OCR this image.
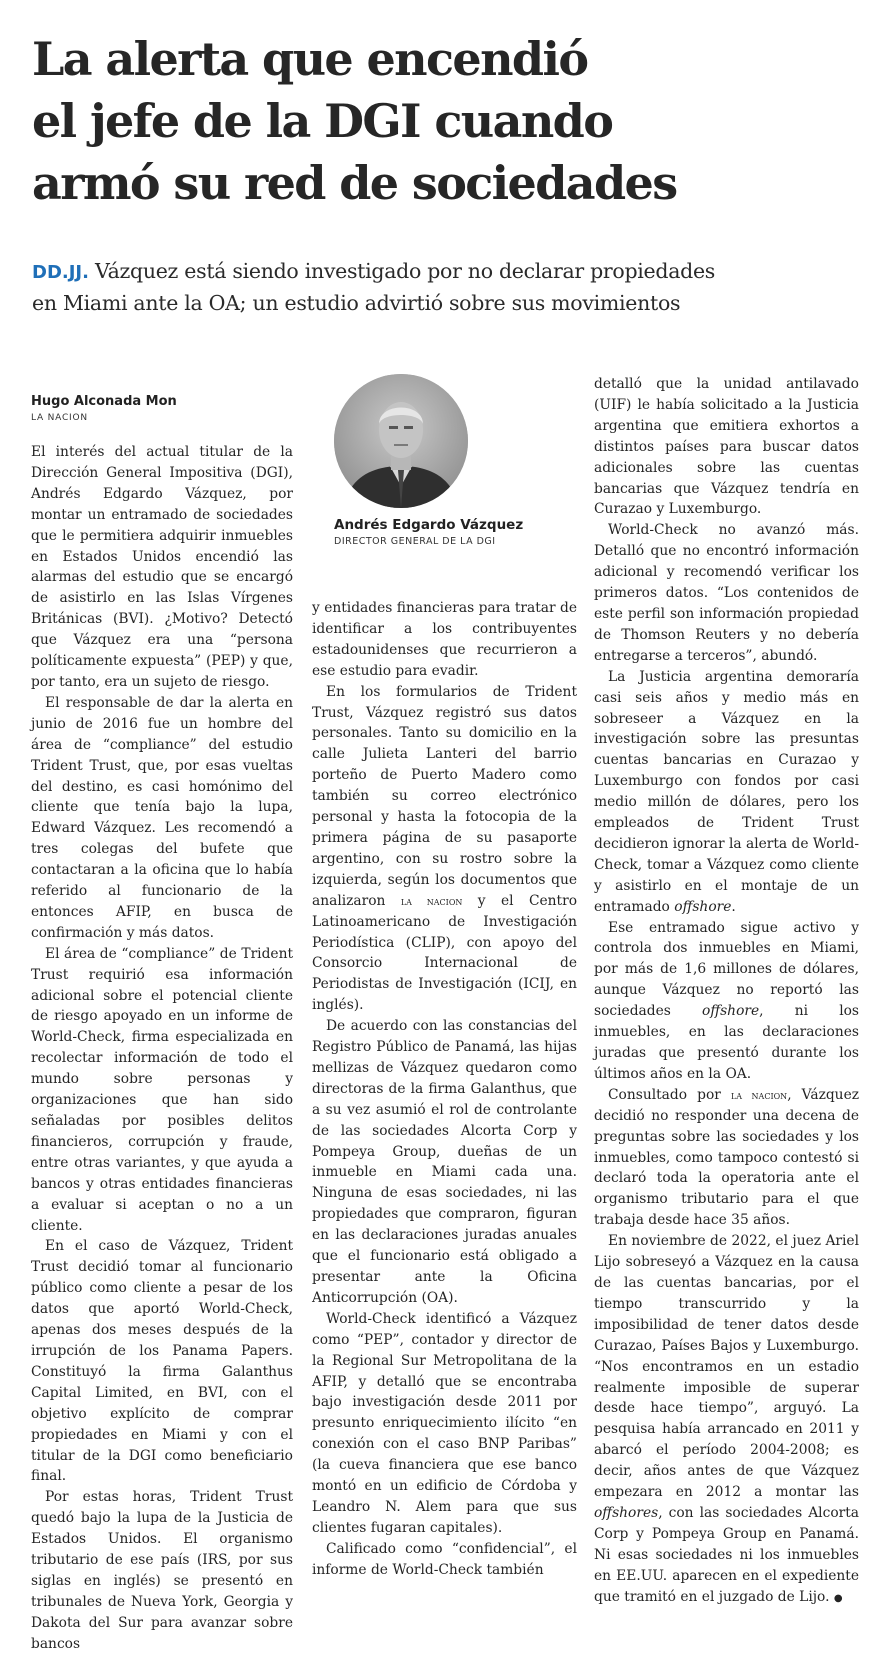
La alerta que encendió
el jefe de la DGI cuando
armó su red de sociedades
DD.JJ. Vázquez está siendo investigado por no declarar propiedades
en Miami ante la OA; un estudio advirtió sobre sus movimientos
Hugo Alconada Mon
LA NACION
Andrés Edgardo Vázquez
DIRECTOR GENERAL DE LA DGI

El interés del actual titular de la Dirección General Impositiva (DGI), Andrés Edgardo Vázquez, por montar un entramado de sociedades que le permitiera adquirir inmuebles en Estados Unidos encendió las alarmas del estudio que se encargó de asistirlo en las Islas Vírgenes Británicas (BVI). ¿Motivo? Detectó que Vázquez era una “persona políticamente expuesta” (PEP) y que, por tanto, era un sujeto de riesgo.

El responsable de dar la alerta en junio de 2016 fue un hombre del área de “compliance” del estudio Trident Trust, que, por esas vueltas del destino, es casi homónimo del cliente que tenía bajo la lupa, Edward Vázquez. Les recomendó a tres colegas del bufete que contactaran a la oficina que lo había referido al funcionario de la entonces AFIP, en busca de confirmación y más datos.

El área de “compliance” de Trident Trust requirió esa información adicional sobre el potencial cliente de riesgo apoyado en un informe de World-Check, firma especializada en recolectar información de todo el mundo sobre personas y organizaciones que han sido señaladas por posibles delitos financieros, corrupción y fraude, entre otras variantes, y que ayuda a bancos y otras entidades financieras a evaluar si aceptan o no a un cliente.

En el caso de Vázquez, Trident Trust decidió tomar al funcionario público como cliente a pesar de los datos que aportó World-Check, apenas dos meses después de la irrupción de los Panama Papers. Constituyó la firma Galanthus Capital Limited, en BVI, con el objetivo explícito de comprar propiedades en Miami y con el titular de la DGI como beneficiario final.

Por estas horas, Trident Trust quedó bajo la lupa de la Justicia de Estados Unidos. El organismo tributario de ese país (IRS, por sus siglas en inglés) se presentó en tribunales de Nueva York, Georgia y Dakota del Sur para avanzar sobre bancos

y entidades financieras para tratar de identificar a los contribuyentes estadounidenses que recurrieron a ese estudio para evadir.

En los formularios de Trident Trust, Vázquez registró sus datos personales. Tanto su domicilio en la calle Julieta Lanteri del barrio porteño de Puerto Madero como también su correo electrónico personal y hasta la fotocopia de la primera página de su pasaporte argentino, con su rostro sobre la izquierda, según los documentos que analizaron la nacion y el Centro Latinoamericano de Investigación Periodística (CLIP), con apoyo del Consorcio Internacional de Periodistas de Investigación (ICIJ, en inglés).

De acuerdo con las constancias del Registro Público de Panamá, las hijas mellizas de Vázquez quedaron como directoras de la firma Galanthus, que a su vez asumió el rol de controlante de las sociedades Alcorta Corp y Pompeya Group, dueñas de un inmueble en Miami cada una. Ninguna de esas sociedades, ni las propiedades que compraron, figuran en las declaraciones juradas anuales que el funcionario está obligado a presentar ante la Oficina Anticorrupción (OA).

World-Check identificó a Vázquez como “PEP”, contador y director de la Regional Sur Metropolitana de la AFIP, y detalló que se encontraba bajo investigación desde 2011 por presunto enriquecimiento ilícito “en conexión con el caso BNP Paribas” (la cueva financiera que ese banco montó en un edificio de Córdoba y Leandro N. Alem para que sus clientes fugaran capitales).

Calificado como “confidencial”, el informe de World-Check también

detalló que la unidad antilavado (UIF) le había solicitado a la Justicia argentina que emitiera exhortos a distintos países para buscar datos adicionales sobre las cuentas bancarias que Vázquez tendría en Curazao y Luxemburgo.

World-Check no avanzó más. Detalló que no encontró información adicional y recomendó verificar los primeros datos. “Los contenidos de este perfil son información propiedad de Thomson Reuters y no debería entregarse a terceros”, abundó.

La Justicia argentina demoraría casi seis años y medio más en sobreseer a Vázquez en la investigación sobre las presuntas cuentas bancarias en Curazao y Luxemburgo con fondos por casi medio millón de dólares, pero los empleados de Trident Trust decidieron ignorar la alerta de World-Check, tomar a Vázquez como cliente y asistirlo en el montaje de un entramado offshore.

Ese entramado sigue activo y controla dos inmuebles en Miami, por más de 1,6 millones de dólares, aunque Vázquez no reportó las sociedades offshore, ni los inmuebles, en las declaraciones juradas que presentó durante los últimos años en la OA.

Consultado por la nacion, Vázquez decidió no responder una decena de preguntas sobre las sociedades y los inmuebles, como tampoco contestó si declaró toda la operatoria ante el organismo tributario para el que trabaja desde hace 35 años.

En noviembre de 2022, el juez Ariel Lijo sobreseyó a Vázquez en la causa de las cuentas bancarias, por el tiempo transcurrido y la imposibilidad de tener datos desde Curazao, Países Bajos y Luxemburgo. “Nos encontramos en un estadio realmente imposible de superar desde hace tiempo”, arguyó. La pesquisa había arrancado en 2011 y abarcó el período 2004-2008; es decir, años antes de que Vázquez empezara en 2012 a montar las offshores, con las sociedades Alcorta Corp y Pompeya Group en Panamá. Ni esas sociedades ni los inmuebles en EE.UU. aparecen en el expediente que tramitó en el juzgado de Lijo. ●
